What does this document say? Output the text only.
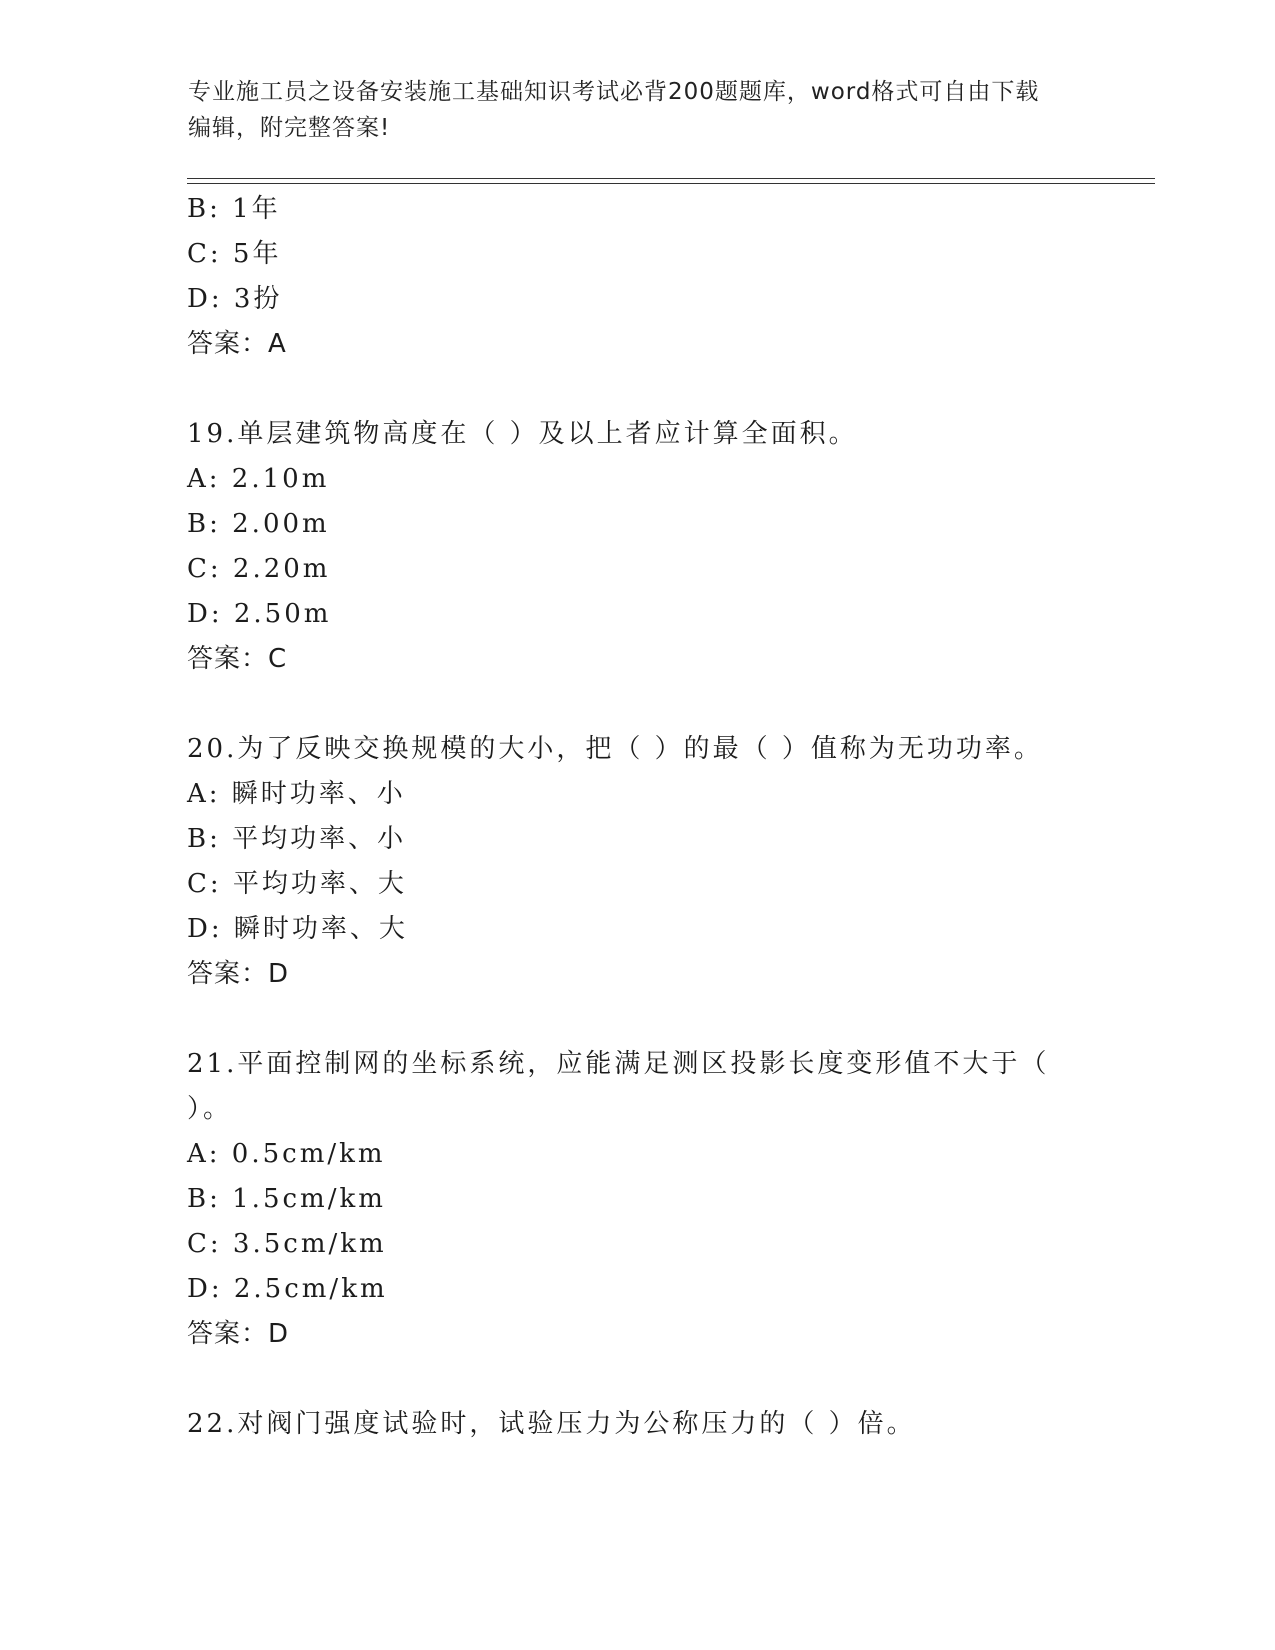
专业施工员之设备安装施工基础知识考试必背200题题库，word格式可自由下载
编辑，附完整答案!
B: 1年
C: 5年
D: 3扮
答案：A
19.单层建筑物高度在（ ）及以上者应计算全面积。
A: 2.10m
B: 2.00m
C: 2.20m
D: 2.50m
答案：C
20.为了反映交换规模的大小，把（ ）的最（ ）值称为无功功率。
A: 瞬时功率、小
B: 平均功率、小
C: 平均功率、大
D: 瞬时功率、大
答案：D
21.平面控制网的坐标系统，应能满足测区投影长度变形值不大于（
）。
A: 0.5cm/km
B: 1.5cm/km
C: 3.5cm/km
D: 2.5cm/km
答案：D
22.对阀门强度试验时，试验压力为公称压力的（ ）倍。
